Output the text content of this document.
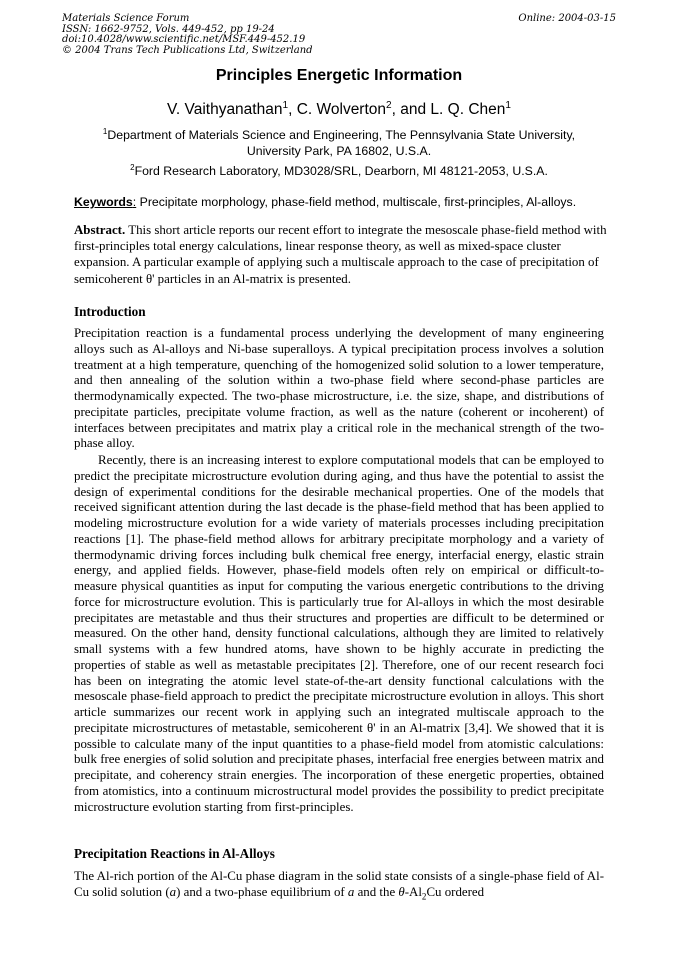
Materials Science Forum
ISSN: 1662-9752, Vols. 449-452, pp 19-24
doi:10.4028/www.scientific.net/MSF.449-452.19
© 2004 Trans Tech Publications Ltd, Switzerland
Online: 2004-03-15
Principles Energetic Information
V. Vaithyanathan$^1$, C. Wolverton$^2$, and L. Q. Chen$^1$
$^1$Department of Materials Science and Engineering, The Pennsylvania State University,
University Park, PA 16802, U.S.A.
$^2$Ford Research Laboratory, MD3028/SRL, Dearborn, MI 48121-2053, U.S.A.
Keywords: Precipitate morphology, phase-field method, multiscale, first-principles, Al-alloys.
Abstract. This short article reports our recent effort to integrate the mesoscale phase-field method with first-principles total energy calculations, linear response theory, as well as mixed-space cluster expansion. A particular example of applying such a multiscale approach to the case of precipitation of semicoherent θ' particles in an Al-matrix is presented.
Introduction
Precipitation reaction is a fundamental process underlying the development of many engineering alloys such as Al-alloys and Ni-base superalloys. A typical precipitation process involves a solution treatment at a high temperature, quenching of the homogenized solid solution to a lower temperature, and then annealing of the solution within a two-phase field where second-phase particles are thermodynamically expected. The two-phase microstructure, i.e. the size, shape, and distributions of precipitate particles, precipitate volume fraction, as well as the nature (coherent or incoherent) of interfaces between precipitates and matrix play a critical role in the mechanical strength of the two-phase alloy.
Recently, there is an increasing interest to explore computational models that can be employed to predict the precipitate microstructure evolution during aging, and thus have the potential to assist the design of experimental conditions for the desirable mechanical properties. One of the models that received significant attention during the last decade is the phase-field method that has been applied to modeling microstructure evolution for a wide variety of materials processes including precipitation reactions [1]. The phase-field method allows for arbitrary precipitate morphology and a variety of thermodynamic driving forces including bulk chemical free energy, interfacial energy, elastic strain energy, and applied fields. However, phase-field models often rely on empirical or difficult-to-measure physical quantities as input for computing the various energetic contributions to the driving force for microstructure evolution. This is particularly true for Al-alloys in which the most desirable precipitates are metastable and thus their structures and properties are difficult to be determined or measured. On the other hand, density functional calculations, although they are limited to relatively small systems with a few hundred atoms, have shown to be highly accurate in predicting the properties of stable as well as metastable precipitates [2]. Therefore, one of our recent research foci has been on integrating the atomic level state-of-the-art density functional calculations with the mesoscale phase-field approach to predict the precipitate microstructure evolution in alloys. This short article summarizes our recent work in applying such an integrated multiscale approach to the precipitate microstructures of metastable, semicoherent θ' in an Al-matrix [3,4]. We showed that it is possible to calculate many of the input quantities to a phase-field model from atomistic calculations: bulk free energies of solid solution and precipitate phases, interfacial free energies between matrix and precipitate, and coherency strain energies. The incorporation of these energetic properties, obtained from atomistics, into a continuum microstructural model provides the possibility to predict precipitate microstructure evolution starting from first-principles.
Precipitation Reactions in Al-Alloys
The Al-rich portion of the Al-Cu phase diagram in the solid state consists of a single-phase field of Al-Cu solid solution (a) and a two-phase equilibrium of a and the $\theta-Al_2Cu$ ordered
